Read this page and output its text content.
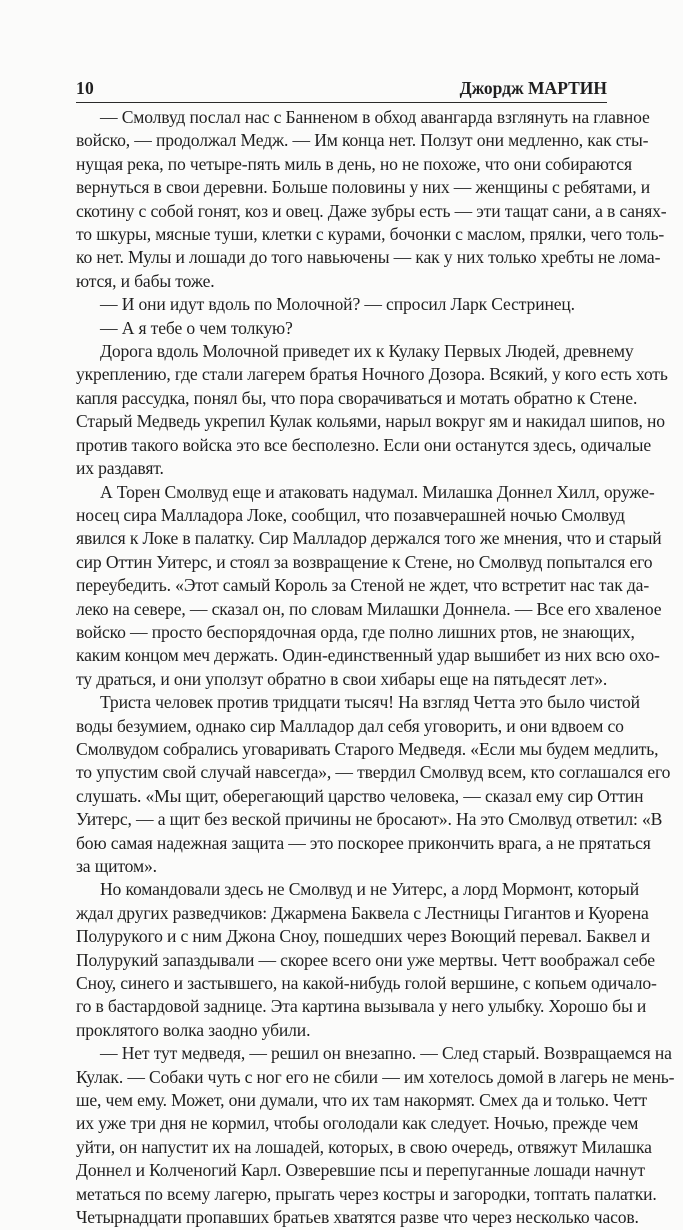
10	Джордж МАРТИН
— Смолвуд послал нас с Банненом в обход авангарда взглянуть на главное
войско, — продолжал Медж. — Им конца нет. Ползут они медленно, как сты-
нущая река, по четыре-пять миль в день, но не похоже, что они собираются
вернуться в свои деревни. Больше половины у них — женщины с ребятами, и
скотину с собой гонят, коз и овец. Даже зубры есть — эти тащат сани, а в санях-
то шкуры, мясные туши, клетки с курами, бочонки с маслом, прялки, чего толь-
ко нет. Мулы и лошади до того навьючены — как у них только хребты не лома-
ются, и бабы тоже.
— И они идут вдоль по Молочной? — спросил Ларк Сестринец.
— А я тебе о чем толкую?
Дорога вдоль Молочной приведет их к Кулаку Первых Людей, древнему
укреплению, где стали лагерем братья Ночного Дозора. Всякий, у кого есть хоть
капля рассудка, понял бы, что пора сворачиваться и мотать обратно к Стене.
Старый Медведь укрепил Кулак кольями, нарыл вокруг ям и накидал шипов, но
против такого войска это все бесполезно. Если они останутся здесь, одичалые
их раздавят.
А Торен Смолвуд еще и атаковать надумал. Милашка Доннел Хилл, оруже-
носец сира Малладора Локе, сообщил, что позавчерашней ночью Смолвуд
явился к Локе в палатку. Сир Малладор держался того же мнения, что и старый
сир Оттин Уитерс, и стоял за возвращение к Стене, но Смолвуд попытался его
переубедить. «Этот самый Король за Стеной не ждет, что встретит нас так да-
леко на севере, — сказал он, по словам Милашки Доннела. — Все его хваленое
войско — просто беспорядочная орда, где полно лишних ртов, не знающих,
каким концом меч держать. Один-единственный удар вышибет из них всю охо-
ту драться, и они уползут обратно в свои хибары еще на пятьдесят лет».
Триста человек против тридцати тысяч! На взгляд Четта это было чистой
воды безумием, однако сир Малладор дал себя уговорить, и они вдвоем со
Смолвудом собрались уговаривать Старого Медведя. «Если мы будем медлить,
то упустим свой случай навсегда», — твердил Смолвуд всем, кто соглашался его
слушать. «Мы щит, оберегающий царство человека, — сказал ему сир Оттин
Уитерс, — а щит без веской причины не бросают». На это Смолвуд ответил: «В
бою самая надежная защита — это поскорее прикончить врага, а не прятаться
за щитом».
Но командовали здесь не Смолвуд и не Уитерс, а лорд Мормонт, который
ждал других разведчиков: Джармена Баквела с Лестницы Гигантов и Куорена
Полурукого и с ним Джона Сноу, пошедших через Воющий перевал. Баквел и
Полурукий запаздывали — скорее всего они уже мертвы. Четт воображал себе
Сноу, синего и застывшего, на какой-нибудь голой вершине, с копьем одичало-
го в бастардовой заднице. Эта картина вызывала у него улыбку. Хорошо бы и
проклятого волка заодно убили.
— Нет тут медведя, — решил он внезапно. — След старый. Возвращаемся на
Кулак. — Собаки чуть с ног его не сбили — им хотелось домой в лагерь не мень-
ше, чем ему. Может, они думали, что их там накормят. Смех да и только. Четт
их уже три дня не кормил, чтобы оголодали как следует. Ночью, прежде чем
уйти, он напустит их на лошадей, которых, в свою очередь, отвяжут Милашка
Доннел и Колченогий Карл. Озверевшие псы и перепуганные лошади начнут
метаться по всему лагерю, прыгать через костры и загородки, топтать палатки.
Четырнадцати пропавших братьев хватятся разве что через несколько часов.
